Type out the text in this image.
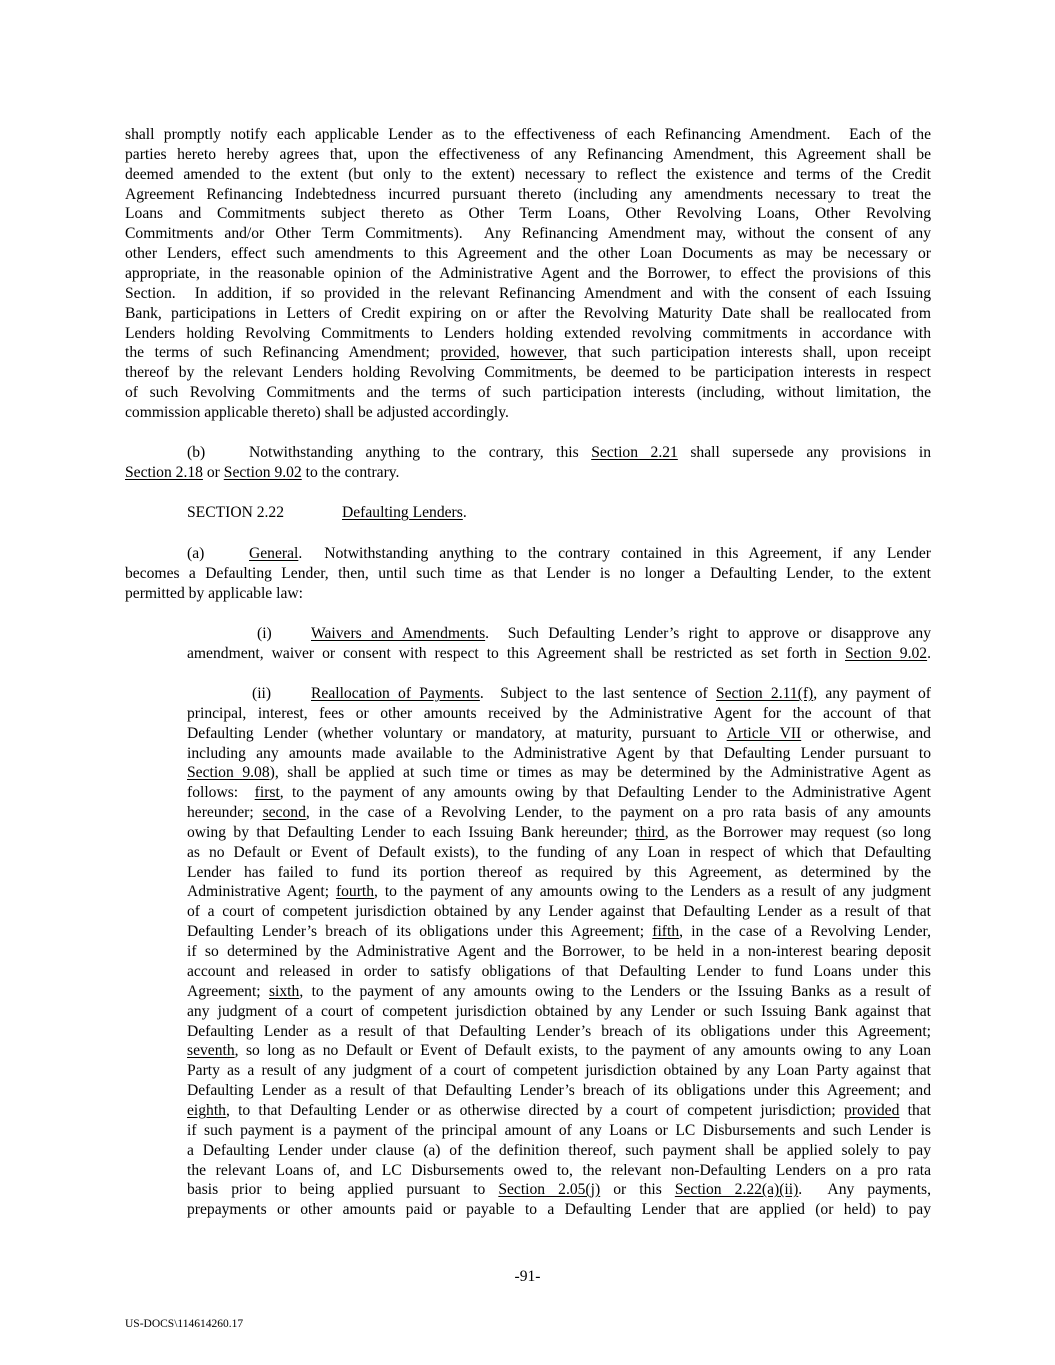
shall promptly notify each applicable Lender as to the effectiveness of each Refinancing Amendment.  Each of the
parties hereto hereby agrees that, upon the effectiveness of any Refinancing Amendment, this Agreement shall be
deemed amended to the extent (but only to the extent) necessary to reflect the existence and terms of the Credit
Agreement Refinancing Indebtedness incurred pursuant thereto (including any amendments necessary to treat the
Loans and Commitments subject thereto as Other Term Loans, Other Revolving Loans, Other Revolving
Commitments and/or Other Term Commitments).  Any Refinancing Amendment may, without the consent of any
other Lenders, effect such amendments to this Agreement and the other Loan Documents as may be necessary or
appropriate, in the reasonable opinion of the Administrative Agent and the Borrower, to effect the provisions of this
Section.  In addition, if so provided in the relevant Refinancing Amendment and with the consent of each Issuing
Bank, participations in Letters of Credit expiring on or after the Revolving Maturity Date shall be reallocated from
Lenders holding Revolving Commitments to Lenders holding extended revolving commitments in accordance with
the terms of such Refinancing Amendment; provided, however, that such participation interests shall, upon receipt
thereof by the relevant Lenders holding Revolving Commitments, be deemed to be participation interests in respect
of such Revolving Commitments and the terms of such participation interests (including, without limitation, the
commission applicable thereto) shall be adjusted accordingly.
(b)	Notwithstanding anything to the contrary, this Section 2.21 shall supersede any provisions in
Section 2.18 or Section 9.02 to the contrary.
SECTION 2.22	Defaulting Lenders.
(a)	General.  Notwithstanding anything to the contrary contained in this Agreement, if any Lender
becomes a Defaulting Lender, then, until such time as that Lender is no longer a Defaulting Lender, to the extent
permitted by applicable law:
(i)	Waivers and Amendments.  Such Defaulting Lender’s right to approve or disapprove any
amendment, waiver or consent with respect to this Agreement shall be restricted as set forth in Section 9.02.
(ii)	Reallocation of Payments.  Subject to the last sentence of Section 2.11(f), any payment of
principal, interest, fees or other amounts received by the Administrative Agent for the account of that
Defaulting Lender (whether voluntary or mandatory, at maturity, pursuant to Article VII or otherwise, and
including any amounts made available to the Administrative Agent by that Defaulting Lender pursuant to
Section 9.08), shall be applied at such time or times as may be determined by the Administrative Agent as
follows:  first, to the payment of any amounts owing by that Defaulting Lender to the Administrative Agent
hereunder; second, in the case of a Revolving Lender, to the payment on a pro rata basis of any amounts
owing by that Defaulting Lender to each Issuing Bank hereunder; third, as the Borrower may request (so long
as no Default or Event of Default exists), to the funding of any Loan in respect of which that Defaulting
Lender has failed to fund its portion thereof as required by this Agreement, as determined by the
Administrative Agent; fourth, to the payment of any amounts owing to the Lenders as a result of any judgment
of a court of competent jurisdiction obtained by any Lender against that Defaulting Lender as a result of that
Defaulting Lender’s breach of its obligations under this Agreement; fifth, in the case of a Revolving Lender,
if so determined by the Administrative Agent and the Borrower, to be held in a non-interest bearing deposit
account and released in order to satisfy obligations of that Defaulting Lender to fund Loans under this
Agreement; sixth, to the payment of any amounts owing to the Lenders or the Issuing Banks as a result of
any judgment of a court of competent jurisdiction obtained by any Lender or such Issuing Bank against that
Defaulting Lender as a result of that Defaulting Lender’s breach of its obligations under this Agreement;
seventh, so long as no Default or Event of Default exists, to the payment of any amounts owing to any Loan
Party as a result of any judgment of a court of competent jurisdiction obtained by any Loan Party against that
Defaulting Lender as a result of that Defaulting Lender’s breach of its obligations under this Agreement; and
eighth, to that Defaulting Lender or as otherwise directed by a court of competent jurisdiction; provided that
if such payment is a payment of the principal amount of any Loans or LC Disbursements and such Lender is
a Defaulting Lender under clause (a) of the definition thereof, such payment shall be applied solely to pay
the relevant Loans of, and LC Disbursements owed to, the relevant non-Defaulting Lenders on a pro rata
basis prior to being applied pursuant to Section 2.05(j) or this Section 2.22(a)(ii).  Any payments,
prepayments or other amounts paid or payable to a Defaulting Lender that are applied (or held) to pay
-91-
US-DOCS\114614260.17
